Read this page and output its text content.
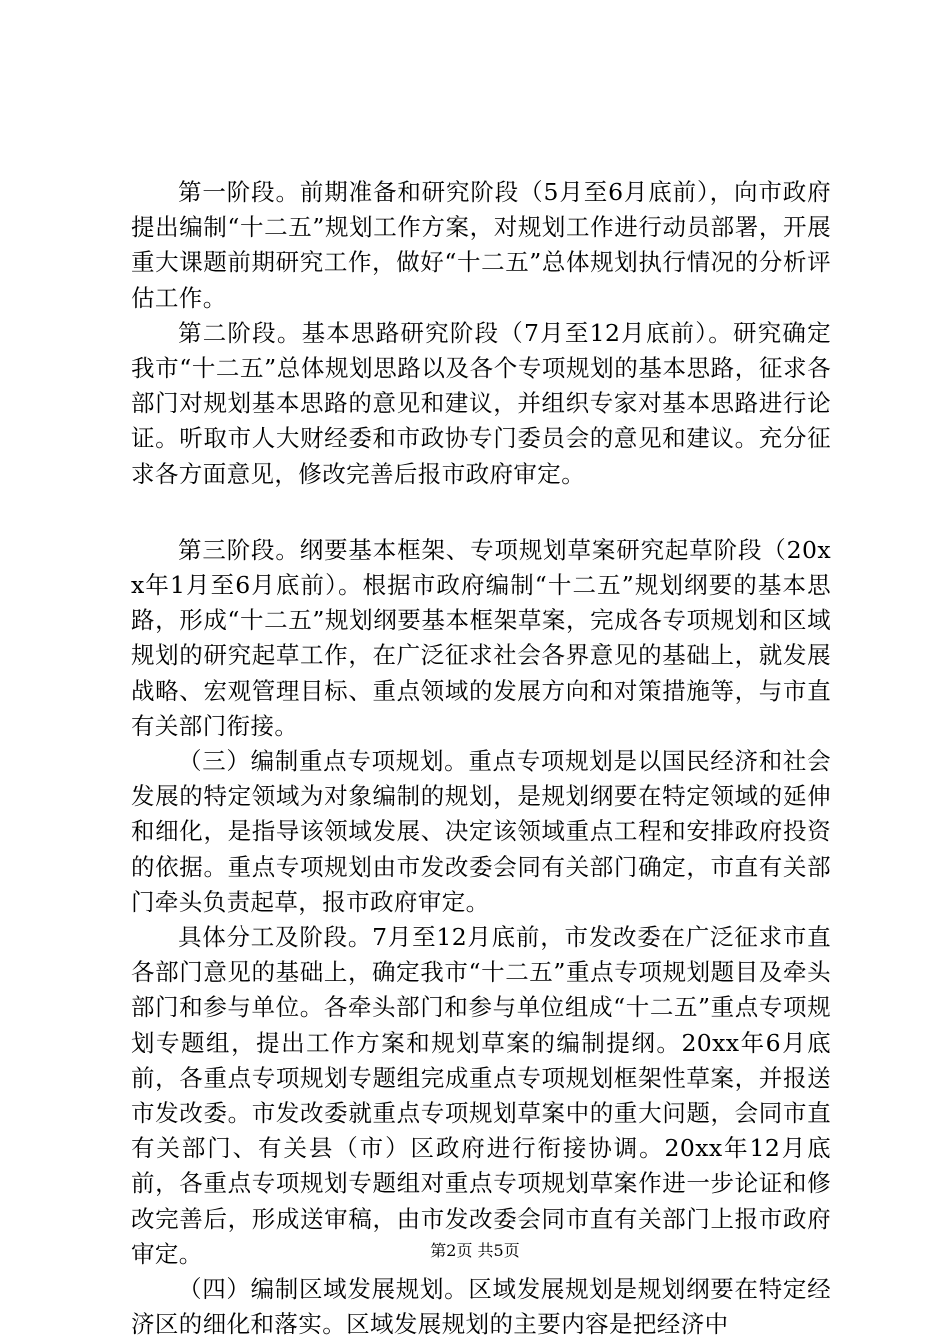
第一阶段。前期准备和研究阶段（5月至6月底前），向市政府提出编制“十二五”规划工作方案，对规划工作进行动员部署，开展重大课题前期研究工作，做好“十二五”总体规划执行情况的分析评估工作。

第二阶段。基本思路研究阶段（7月至12月底前）。研究确定我市“十二五”总体规划思路以及各个专项规划的基本思路，征求各部门对规划基本思路的意见和建议，并组织专家对基本思路进行论证。听取市人大财经委和市政协专门委员会的意见和建议。充分征求各方面意见，修改完善后报市政府审定。

第三阶段。纲要基本框架、专项规划草案研究起草阶段（20xx年1月至6月底前）。根据市政府编制“十二五”规划纲要的基本思路，形成“十二五”规划纲要基本框架草案，完成各专项规划和区域规划的研究起草工作，在广泛征求社会各界意见的基础上，就发展战略、宏观管理目标、重点领域的发展方向和对策措施等，与市直有关部门衔接。

（三）编制重点专项规划。重点专项规划是以国民经济和社会发展的特定领域为对象编制的规划，是规划纲要在特定领域的延伸和细化，是指导该领域发展、决定该领域重点工程和安排政府投资的依据。重点专项规划由市发改委会同有关部门确定，市直有关部门牵头负责起草，报市政府审定。

具体分工及阶段。7月至12月底前，市发改委在广泛征求市直各部门意见的基础上，确定我市“十二五”重点专项规划题目及牵头部门和参与单位。各牵头部门和参与单位组成“十二五”重点专项规划专题组，提出工作方案和规划草案的编制提纲。20xx年6月底前，各重点专项规划专题组完成重点专项规划框架性草案，并报送市发改委。市发改委就重点专项规划草案中的重大问题，会同市直有关部门、有关县（市）区政府进行衔接协调。20xx年12月底前，各重点专项规划专题组对重点专项规划草案作进一步论证和修改完善后，形成送审稿，由市发改委会同市直有关部门上报市政府审定。

（四）编制区域发展规划。区域发展规划是规划纲要在特定经济区的细化和落实。区域发展规划的主要内容是把经济中

第2页 共5页
